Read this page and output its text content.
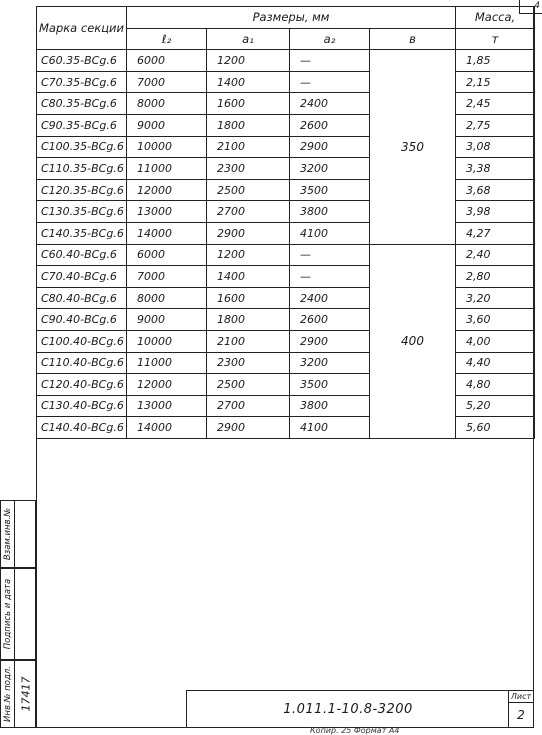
4
Марка секции	Размеры, мм				Масса,
	ℓ₂	a₁	a₂	в	т
С60.35-ВСg.6	6000	1200	—	350	1,85
С70.35-ВСg.6	7000	1400	—		2,15
С80.35-ВСg.6	8000	1600	2400		2,45
С90.35-ВСg.6	9000	1800	2600		2,75
С100.35-ВСg.6	10000	2100	2900		3,08
С110.35-ВСg.6	11000	2300	3200		3,38
С120.35-ВСg.6	12000	2500	3500		3,68
С130.35-ВСg.6	13000	2700	3800		3,98
С140.35-ВСg.6	14000	2900	4100		4,27
С60.40-ВСg.6	6000	1200	—	400	2,40
С70.40-ВСg.6	7000	1400	—		2,80
С80.40-ВСg.6	8000	1600	2400		3,20
С90.40-ВСg.6	9000	1800	2600		3,60
С100.40-ВСg.6	10000	2100	2900		4,00
С110.40-ВСg.6	11000	2300	3200		4,40
С120.40-ВСg.6	12000	2500	3500		4,80
С130.40-ВСg.6	13000	2700	3800		5,20
С140.40-ВСg.6	14000	2900	4100		5,60
Взам.инв.№
Подпись и дата
Инв.№ подл. 17417	1.011.1-10.8-3200
Лист
2
Копир. 25 Формат А4
